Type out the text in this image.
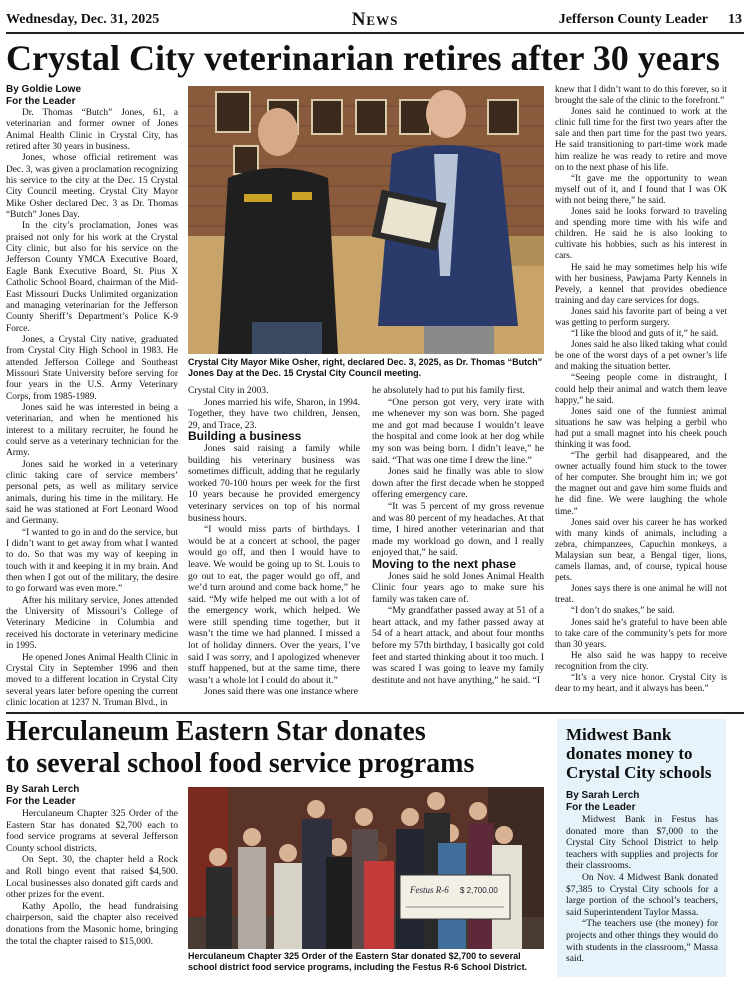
Wednesday, Dec. 31, 2025	News	Jefferson County Leader 13
Crystal City veterinarian retires after 30 years

By Goldie Lowe
For the Leader

Dr. Thomas “Butch” Jones, 61, a veterinarian and former owner of Jones Animal Health Clinic in Crystal City, has retired after 30 years in business.

Jones, whose official retirement was Dec. 3, was given a proclamation recognizing his service to the city at the Dec. 15 Crystal City Council meeting. Crystal City Mayor Mike Osher declared Dec. 3 as Dr. Thomas “Butch” Jones Day.

In the city’s proclamation, Jones was praised not only for his work at the Crystal City clinic, but also for his service on the Jefferson County YMCA Executive Board, Eagle Bank Executive Board, St. Pius X Catholic School Board, chairman of the Mid-East Missouri Ducks Unlimited organization and managing veterinarian for the Jefferson County Sheriff’s Department’s Police K-9 Force.

Jones, a Crystal City native, graduated from Crystal City High School in 1983. He attended Jefferson College and Southeast Missouri State University before serving for four years in the U.S. Army Veterinary Corps, from 1985-1989.

Jones said he was interested in being a veterinarian, and when he mentioned his interest to a military recruiter, he found he could serve as a veterinary technician for the Army.

Jones said he worked in a veterinary clinic taking care of service members’ personal pets, as well as military service animals, during his time in the military. He said he was stationed at Fort Leonard Wood and Germany.

“I wanted to go in and do the service, but I didn’t want to get away from what I wanted to do. So that was my way of keeping in touch with it and keeping it in my brain. And then when I got out of the military, the desire to go forward was even more.”

After his military service, Jones attended the University of Missouri’s College of Veterinary Medicine in Columbia and received his doctorate in veterinary medicine in 1995.

He opened Jones Animal Health Clinic in Crystal City in September 1996 and then moved to a different location in Crystal City several years later before opening the current clinic location at 1237 N. Truman Blvd., in

Crystal City Mayor Mike Osher, right, declared Dec. 3, 2025, as Dr. Thomas “Butch” Jones Day at the Dec. 15 Crystal City Council meeting.

Crystal City in 2003.

Jones married his wife, Sharon, in 1994. Together, they have two children, Jensen, 29, and Trace, 23.

Building a business

Jones said raising a family while building his veterinary business was sometimes difficult, adding that he regularly worked 70-100 hours per week for the first 10 years because he provided emergency veterinary services on top of his normal business hours.

“I would miss parts of birthdays. I would be at a concert at school, the pager would go off, and then I would have to leave. We would be going up to St. Louis to go out to eat, the pager would go off, and we’d turn around and come back home,” he said. “My wife helped me out with a lot of the emergency work, which helped. We were still spending time together, but it wasn’t the time we had planned. I missed a lot of holiday dinners. Over the years, I’ve said I was sorry, and I apologized whenever stuff happened, but at the same time, there wasn’t a whole lot I could do about it.”

Jones said there was one instance where

he absolutely had to put his family first.

“One person got very, very irate with me whenever my son was born. She paged me and got mad because I wouldn’t leave the hospital and come look at her dog while my son was being born. I didn’t leave,” he said. “That was one time I drew the line.”

Jones said he finally was able to slow down after the first decade when he stopped offering emergency care.

“It was 5 percent of my gross revenue and was 80 percent of my headaches. At that time, I hired another veterinarian and that made my workload go down, and I really enjoyed that,” he said.

Moving to the next phase

Jones said he sold Jones Animal Health Clinic four years ago to make sure his family was taken care of.

“My grandfather passed away at 51 of a heart attack, and my father passed away at 54 of a heart attack, and about four months before my 57th birthday, I basically got cold feet and started thinking about it too much. I was scared I was going to leave my family destitute and not have anything,” he said. “I

knew that I didn’t want to do this forever, so it brought the sale of the clinic to the forefront.”

Jones said he continued to work at the clinic full time for the first two years after the sale and then part time for the past two years. He said transitioning to part-time work made him realize he was ready to retire and move on to the next phase of his life.

“It gave me the opportunity to wean myself out of it, and I found that I was OK with not being there,” he said.

Jones said he looks forward to traveling and spending more time with his wife and children. He said he is also looking to cultivate his hobbies, such as his interest in cars.

He said he may sometimes help his wife with her business, Pawjama Party Kennels in Pevely, a kennel that provides obedience training and day care services for dogs.

Jones said his favorite part of being a vet was getting to perform surgery.

“I like the blood and guts of it,” he said.

Jones said he also liked taking what could be one of the worst days of a pet owner’s life and making the situation better.

“Seeing people come in distraught, I could help their animal and watch them leave happy,” he said.

Jones said one of the funniest animal situations he saw was helping a gerbil who had put a small magnet into his cheek pouch thinking it was food.

“The gerbil had disappeared, and the owner actually found him stuck to the tower of her computer. She brought him in; we got the magnet out and gave him some fluids and he did fine. We were laughing the whole time.”

Jones said over his career he has worked with many kinds of animals, including a zebra, chimpanzees, Capuchin monkeys, a Malaysian sun bear, a Bengal tiger, lions, camels llamas, and, of course, typical house pets.

Jones says there is one animal he will not treat.

“I don’t do snakes,” he said.

Jones said he’s grateful to have been able to take care of the community’s pets for more than 30 years.

He also said he was happy to receive recognition from the city.

“It’s a very nice honor. Crystal City is dear to my heart, and it always has been.”

Herculaneum Eastern Star donates
to several school food service programs

By Sarah Lerch
For the Leader

Herculaneum Chapter 325 Order of the Eastern Star has donated $2,700 each to food service programs at several Jefferson County school districts.

On Sept. 30, the chapter held a Rock and Roll bingo event that raised $4,500. Local businesses also donated gift cards and other prizes for the event.

Kathy Apollo, the head fundraising chairperson, said the chapter also received donations from the Masonic home, bringing the total the chapter raised to $15,000.

Festus R-6 $ 2,700.00
Herculaneum Chapter 325 Order of the Eastern Star donated $2,700 to several school district food service programs, including the Festus R-6 School District.
Midwest Bank donates money to Crystal City schools

By Sarah Lerch
For the Leader

Midwest Bank in Festus has donated more than $7,000 to the Crystal City School District to help teachers with supplies and projects for their classrooms.

On Nov. 4 Midwest Bank donated $7,385 to Crystal City schools for a large portion of the school’s teachers, said Superintendent Taylor Massa.

“The teachers use (the money) for projects and other things they would do with students in the classroom,” Massa said.
